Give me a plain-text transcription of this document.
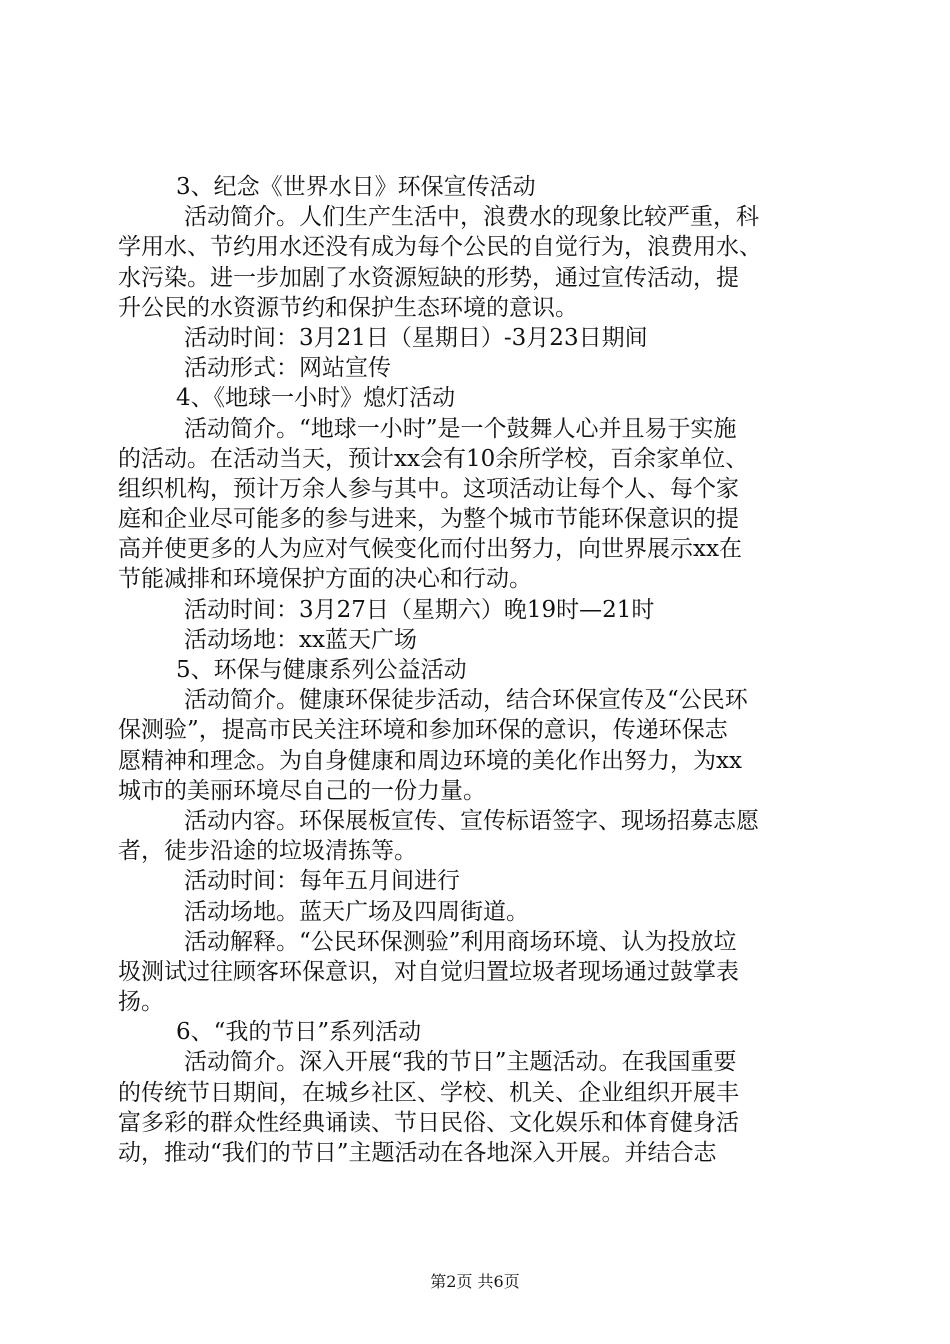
3、纪念《世界水日》环保宣传活动
活动简介。人们生产生活中，浪费水的现象比较严重，科
学用水、节约用水还没有成为每个公民的自觉行为，浪费用水、
水污染。进一步加剧了水资源短缺的形势，通过宣传活动，提
升公民的水资源节约和保护生态环境的意识。
活动时间：3月21日（星期日）-3月23日期间
活动形式：网站宣传
4、《地球一小时》熄灯活动
活动简介。“地球一小时”是一个鼓舞人心并且易于实施
的活动。在活动当天，预计xx会有10余所学校，百余家单位、
组织机构，预计万余人参与其中。这项活动让每个人、每个家
庭和企业尽可能多的参与进来，为整个城市节能环保意识的提
高并使更多的人为应对气候变化而付出努力，向世界展示xx在
节能减排和环境保护方面的决心和行动。
活动时间：3月27日（星期六）晚19时—21时
活动场地：xx蓝天广场
5、环保与健康系列公益活动
活动简介。健康环保徒步活动，结合环保宣传及“公民环
保测验”，提高市民关注环境和参加环保的意识，传递环保志
愿精神和理念。为自身健康和周边环境的美化作出努力，为xx
城市的美丽环境尽自己的一份力量。
活动内容。环保展板宣传、宣传标语签字、现场招募志愿
者，徒步沿途的垃圾清拣等。
活动时间：每年五月间进行
活动场地。蓝天广场及四周街道。
活动解释。“公民环保测验”利用商场环境、认为投放垃
圾测试过往顾客环保意识，对自觉归置垃圾者现场通过鼓掌表
扬。
6、“我的节日”系列活动
活动简介。深入开展“我的节日”主题活动。在我国重要
的传统节日期间，在城乡社区、学校、机关、企业组织开展丰
富多彩的群众性经典诵读、节日民俗、文化娱乐和体育健身活
动，推动“我们的节日”主题活动在各地深入开展。并结合志
第2页 共6页
